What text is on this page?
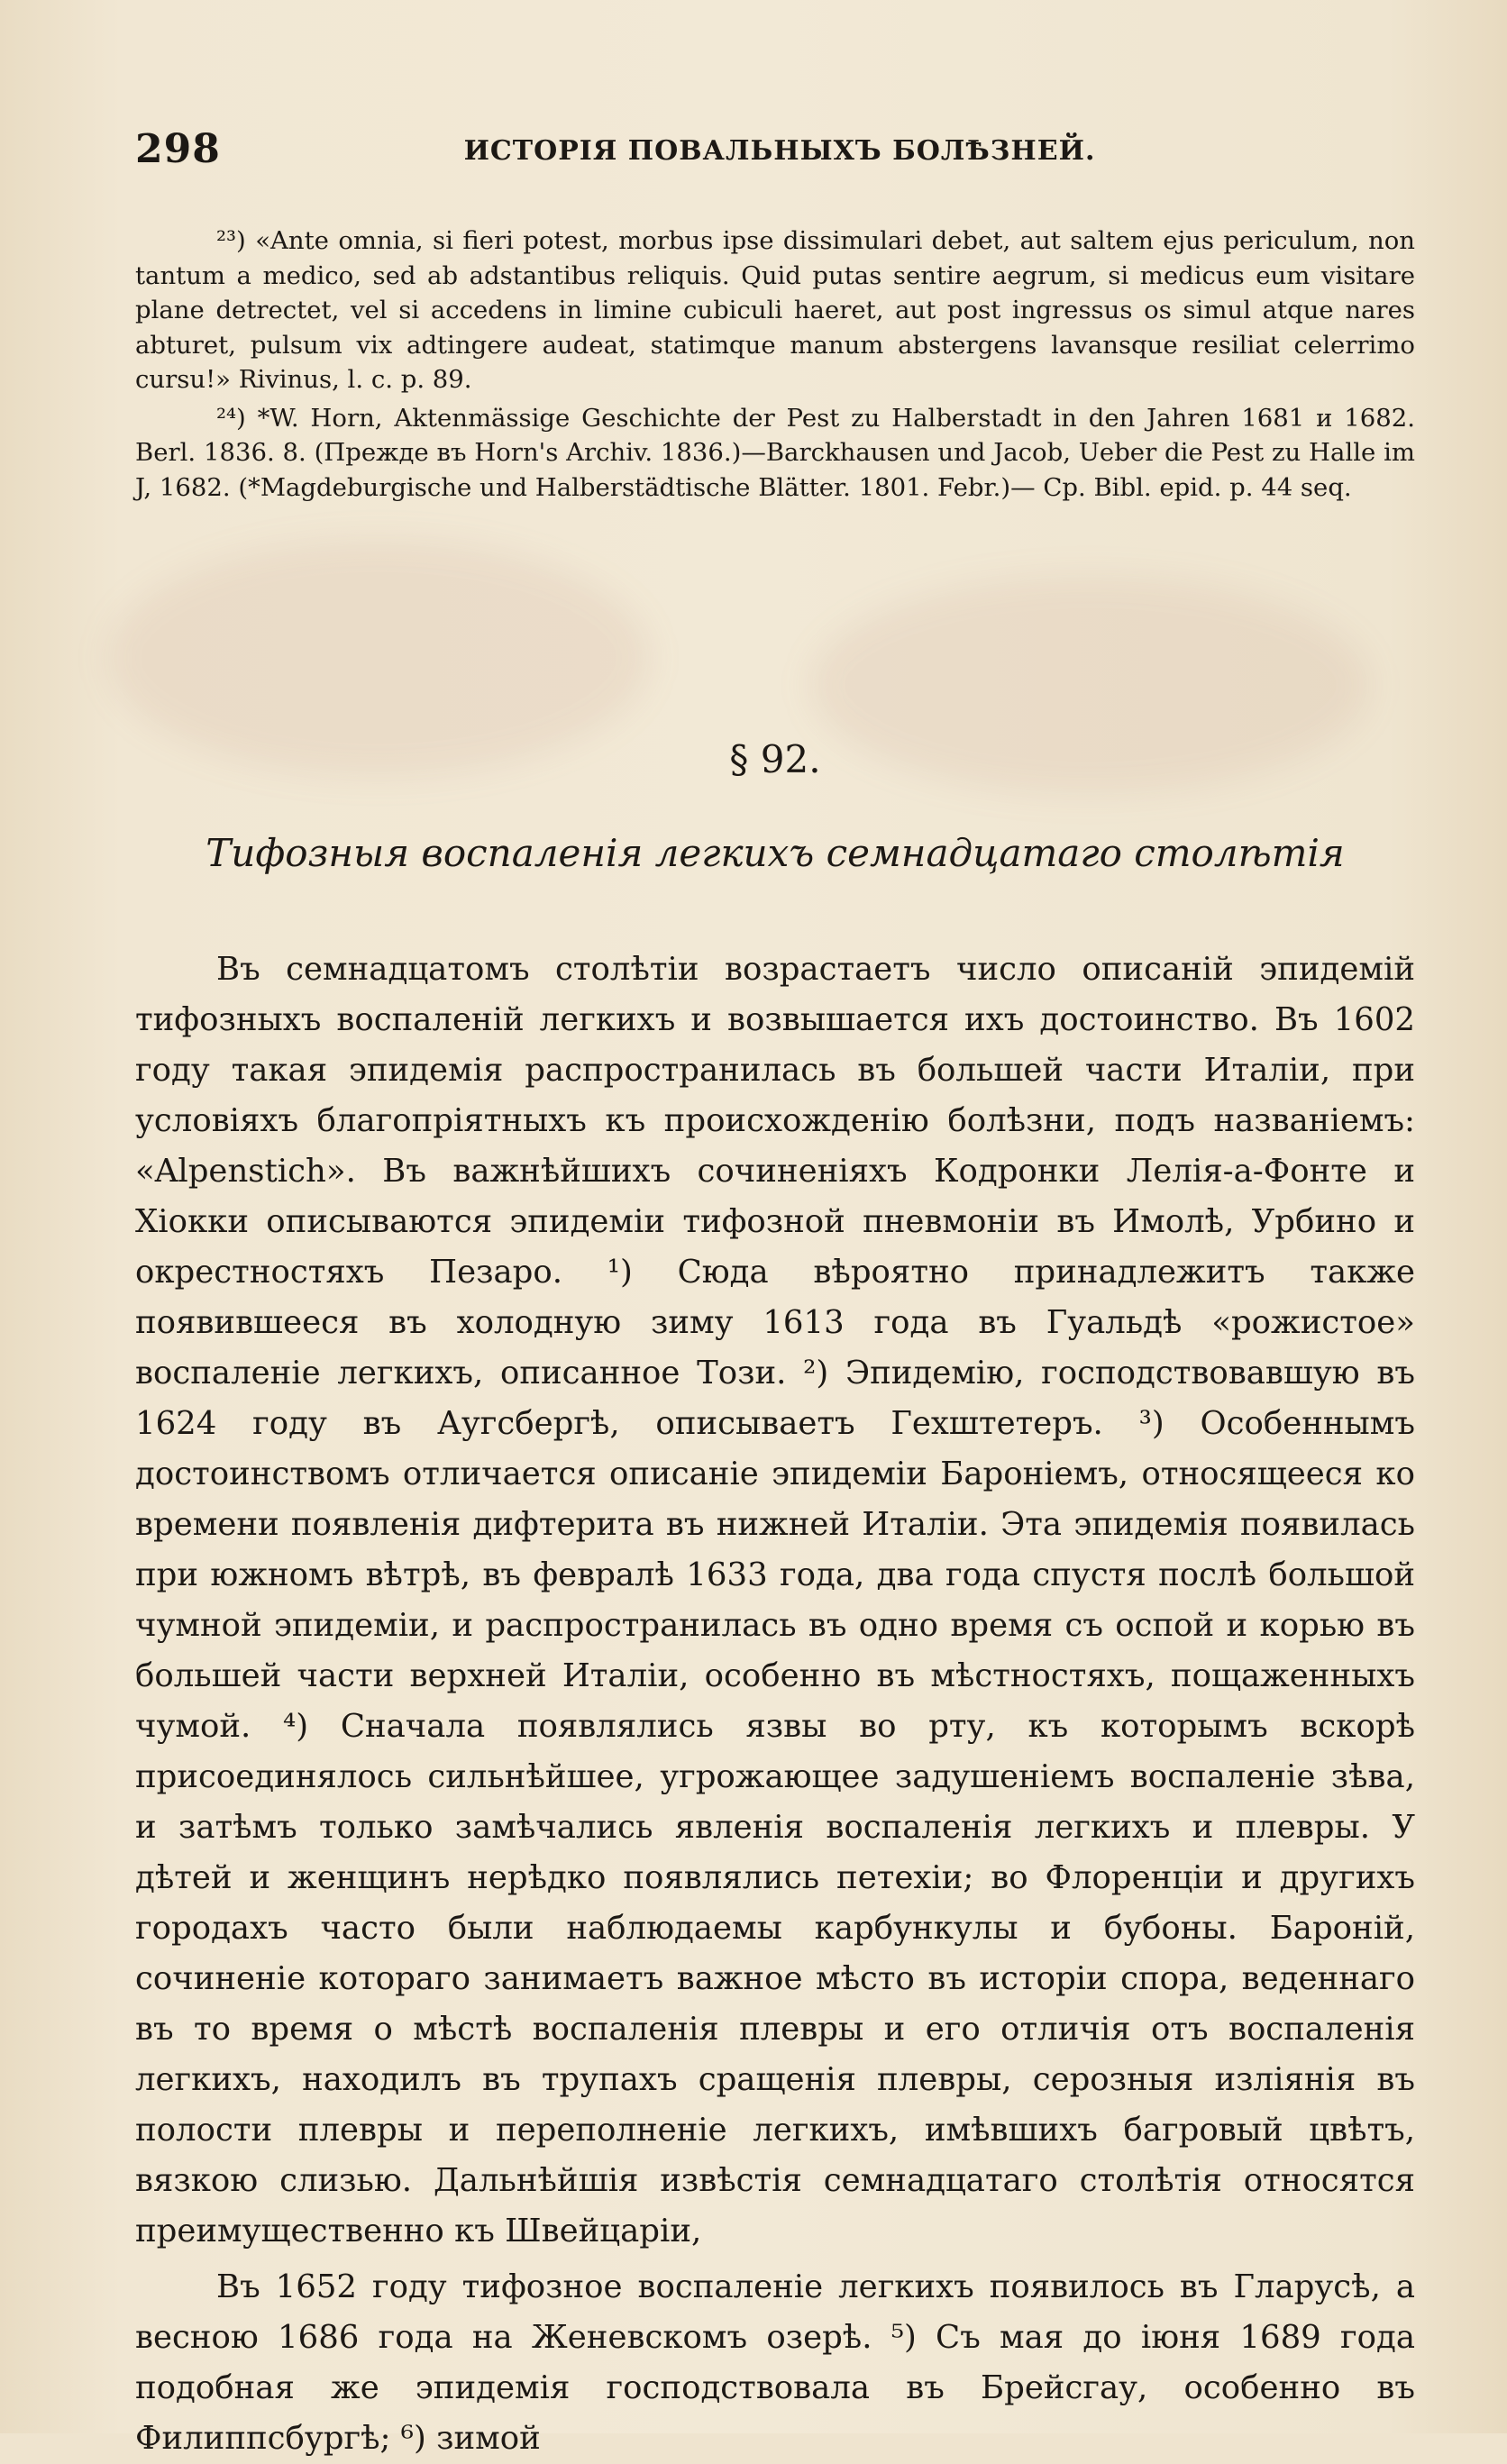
298	ИСТОРІЯ ПОВАЛЬНЫХЪ БОЛѢЗНЕЙ.

²³) «Ante omnia, si fieri potest, morbus ipse dissimulari debet, aut saltem ejus periculum, non tantum a medico, sed ab adstantibus reliquis. Quid putas sentire aegrum, si medicus eum visitare plane detrectet, vel si accedens in limine cubiculi haeret, aut post ingressus os simul atque nares abturet, pulsum vix adtingere audeat, statimque manum abstergens lavansque resiliat celerrimo cursu!» Rivinus, l. c. p. 89.

²⁴) *W. Horn, Aktenmässige Geschichte der Pest zu Halberstadt in den Jahren 1681 и 1682. Berl. 1836. 8. (Прежде въ Horn's Archiv. 1836.)—Barckhausen und Jacob, Ueber die Pest zu Halle im J, 1682. (*Magdeburgische und Halberstädtische Blätter. 1801. Febr.)— Ср. Bibl. epid. p. 44 seq.

§ 92.
Тифозныя воспаленія легкихъ семнадцатаго столѣтія

Въ семнадцатомъ столѣтіи возрастаетъ число описаній эпидемій тифозныхъ воспаленій легкихъ и возвышается ихъ достоинство. Въ 1602 году такая эпидемія распространилась въ большей части Италіи, при условіяхъ благопріятныхъ къ происхожденію болѣзни, подъ названіемъ: «Alpenstich». Въ важнѣйшихъ сочиненіяхъ Кодронки Лелія-а-Фонте и Хіокки описываются эпидеміи тифозной пневмоніи въ Имолѣ, Урбино и окрестностяхъ Пезаро. ¹) Сюда вѣроятно принадлежитъ также появившееся въ холодную зиму 1613 года въ Гуальдѣ «рожистое» воспаленіе легкихъ, описанное Този. ²) Эпидемію, господствовавшую въ 1624 году въ Аугсбергѣ, описываетъ Гехштетеръ. ³) Особеннымъ достоинствомъ отличается описаніе эпидеміи Баронiемъ, относящееся ко времени появленія дифтерита въ нижней Италіи. Эта эпидемія появилась при южномъ вѣтрѣ, въ февралѣ 1633 года, два года спустя послѣ большой чумной эпидеміи, и распространилась въ одно время съ оспой и корью въ большей части верхней Италіи, особенно въ мѣстностяхъ, пощаженныхъ чумой. ⁴) Сначала появлялись язвы во рту, къ которымъ вскорѣ присоединялось сильнѣйшее, угрожающее задушеніемъ воспаленіе зѣва, и затѣмъ только замѣчались явленія воспаленія легкихъ и плевры. У дѣтей и женщинъ нерѣдко появлялись петехіи; во Флоренціи и другихъ городахъ часто были наблюдаемы карбункулы и бубоны. Бароній, сочиненіе котораго занимаетъ важное мѣсто въ исторіи спора, веденнаго въ то время о мѣстѣ воспаленія плевры и его отличія отъ воспаленія легкихъ, находилъ въ трупахъ сращенія плевры, серозныя изліянія въ полости плевры и переполненіе легкихъ, имѣвшихъ багровый цвѣтъ, вязкою слизью. Дальнѣйшія извѣстія семнадцатаго столѣтія относятся преимущественно къ Швейцаріи,

Въ 1652 году тифозное воспаленіе легкихъ появилось въ Гларусѣ, а весною 1686 года на Женевскомъ озерѣ. ⁵) Съ мая до іюня 1689 года подобная же эпидемія господствовала въ Брейсгау, особенно въ Филиппсбургѣ; ⁶) зимой
